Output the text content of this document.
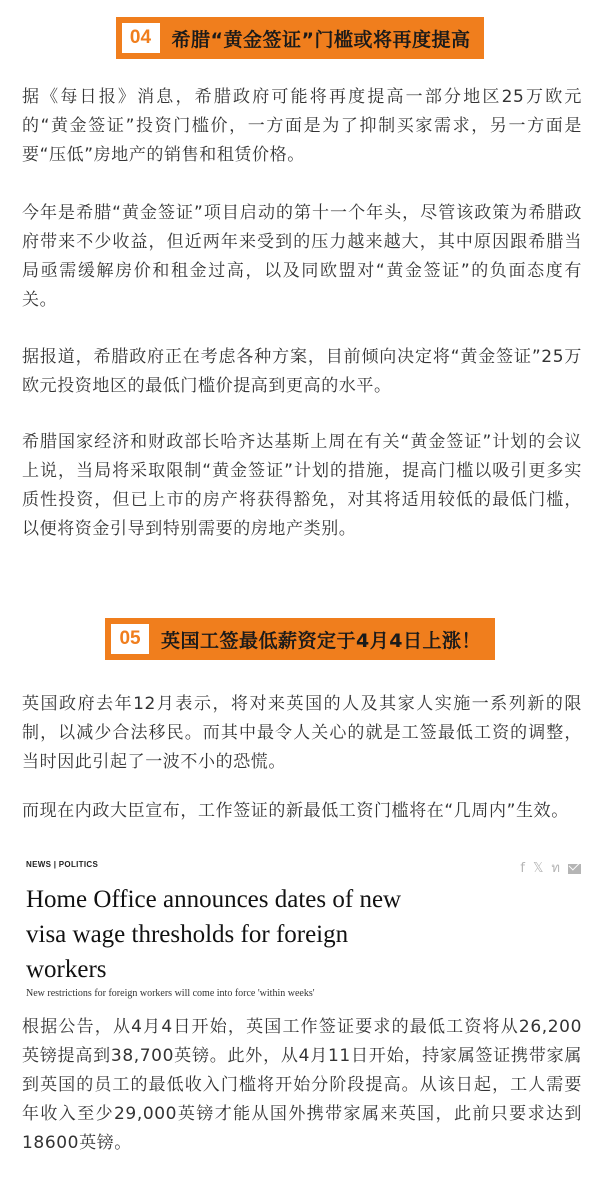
04	希腊“黄金签证”门槛或将再度提高

据《每日报》消息，希腊政府可能将再度提高一部分地区25万欧元的“黄金签证”投资门槛价，一方面是为了抑制买家需求，另一方面是要“压低”房地产的销售和租赁价格。

今年是希腊“黄金签证”项目启动的第十一个年头，尽管该政策为希腊政府带来不少收益，但近两年来受到的压力越来越大，其中原因跟希腊当局亟需缓解房价和租金过高，以及同欧盟对“黄金签证”的负面态度有关。

据报道，希腊政府正在考虑各种方案，目前倾向决定将“黄金签证”25万欧元投资地区的最低门槛价提高到更高的水平。

希腊国家经济和财政部长哈齐达基斯上周在有关“黄金签证”计划的会议上说，当局将采取限制“黄金签证”计划的措施，提高门槛以吸引更多实质性投资，但已上市的房产将获得豁免，对其将适用较低的最低门槛，以便将资金引导到特别需要的房地产类别。

05	英国工签最低薪资定于4月4日上涨！

英国政府去年12月表示，将对来英国的人及其家人实施一系列新的限制，以减少合法移民。而其中最令人关心的就是工签最低工资的调整，当时因此引起了一波不小的恐慌。

而现在内政大臣宣布，工作签证的新最低工资门槛将在“几周内”生效。

NEWS | POLITICS	f 𝕏 ท
Home Office announces dates of new visa wage thresholds for foreign workers

New restrictions for foreign workers will come into force 'within weeks'

根据公告，从4月4日开始，英国工作签证要求的最低工资将从26,200英镑提高到38,700英镑。此外，从4月11日开始，持家属签证携带家属到英国的员工的最低收入门槛将开始分阶段提高。从该日起，工人需要年收入至少29,000英镑才能从国外携带家属来英国，此前只要求达到18600英镑。
